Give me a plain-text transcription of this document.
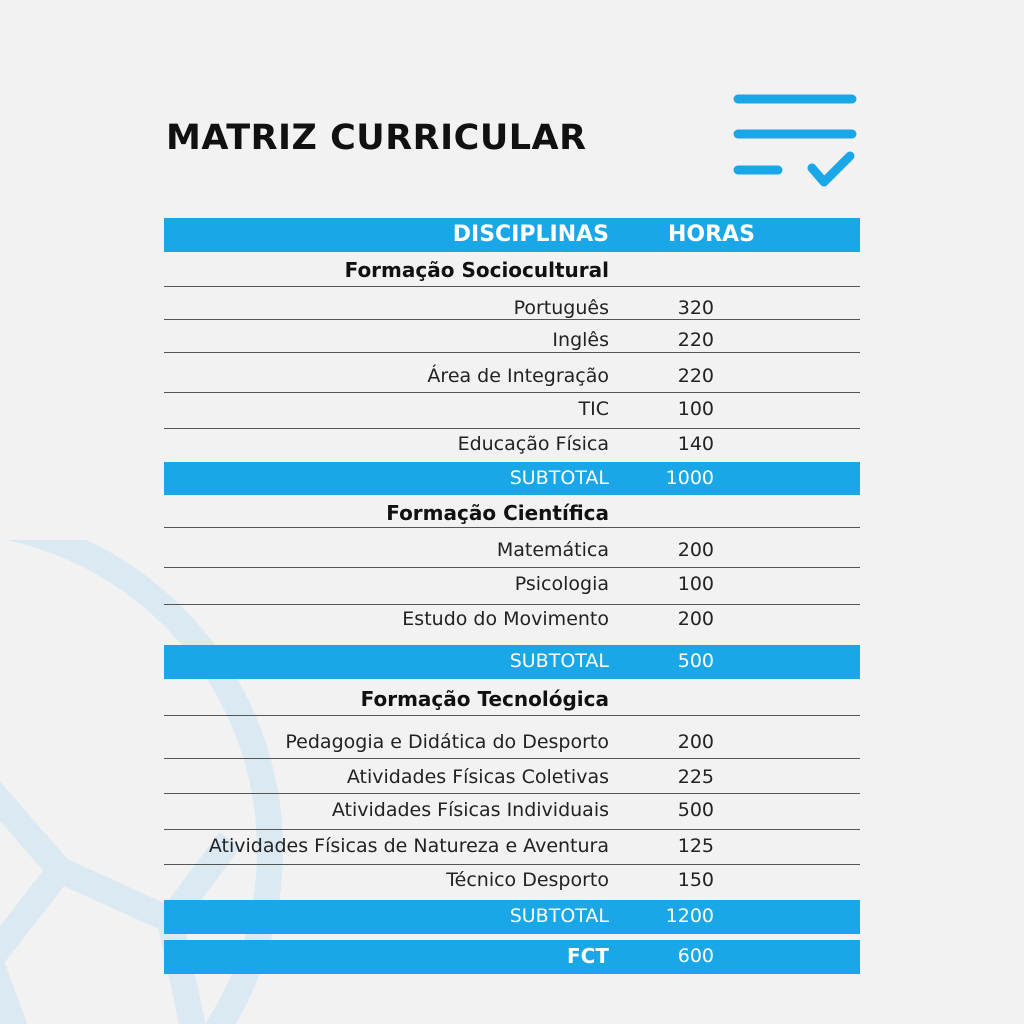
MATRIZ CURRICULAR
DISCIPLINAS	HORAS
Formação Sociocultural
Português	320
Inglês	220
Área de Integração	220
TIC	100
Educação Física	140
SUBTOTAL	1000
Formação Científica
Matemática	200
Psicologia	100
Estudo do Movimento	200
SUBTOTAL	500
Formação Tecnológica
Pedagogia e Didática do Desporto	200
Atividades Físicas Coletivas	225
Atividades Físicas Individuais	500
Atividades Físicas de Natureza e Aventura	125
Técnico Desporto	150
SUBTOTAL	1200
FCT	600
